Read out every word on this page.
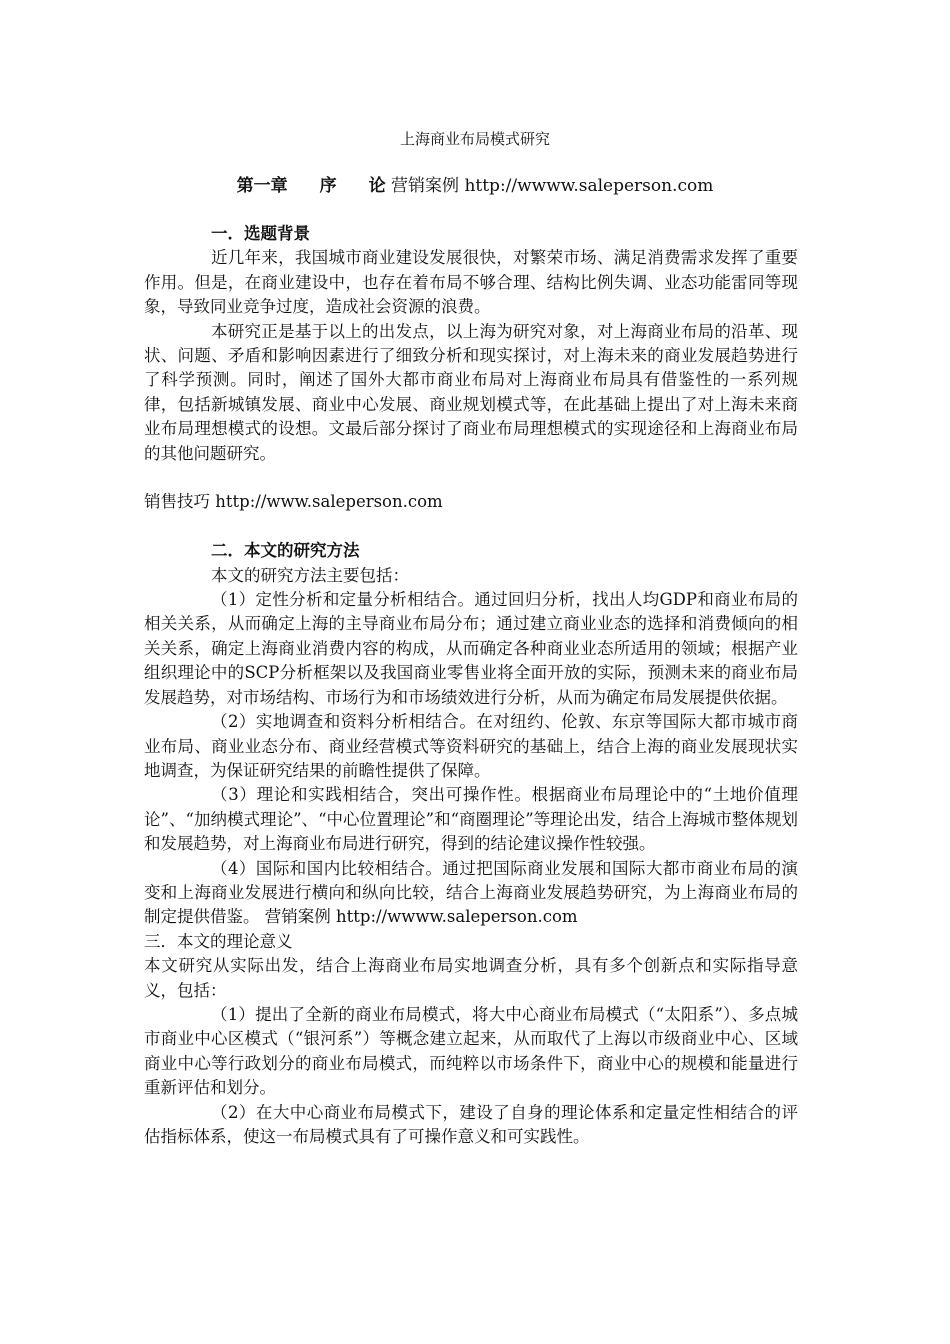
上海商业布局模式研究
第一章 序 论 营销案例 http://wwww.saleperson.com

一．选题背景

近几年来，我国城市商业建设发展很快，对繁荣市场、满足消费需求发挥了重要作用。但是，在商业建设中，也存在着布局不够合理、结构比例失调、业态功能雷同等现象，导致同业竞争过度，造成社会资源的浪费。

本研究正是基于以上的出发点，以上海为研究对象，对上海商业布局的沿革、现状、问题、矛盾和影响因素进行了细致分析和现实探讨，对上海未来的商业发展趋势进行了科学预测。同时，阐述了国外大都市商业布局对上海商业布局具有借鉴性的一系列规律，包括新城镇发展、商业中心发展、商业规划模式等，在此基础上提出了对上海未来商业布局理想模式的设想。文最后部分探讨了商业布局理想模式的实现途径和上海商业布局的其他问题研究。

销售技巧 http://www.saleperson.com

二．本文的研究方法

本文的研究方法主要包括：

（1）定性分析和定量分析相结合。通过回归分析，找出人均GDP和商业布局的相关关系，从而确定上海的主导商业布局分布；通过建立商业业态的选择和消费倾向的相关关系，确定上海商业消费内容的构成，从而确定各种商业业态所适用的领域；根据产业组织理论中的SCP分析框架以及我国商业零售业将全面开放的实际，预测未来的商业布局发展趋势，对市场结构、市场行为和市场绩效进行分析，从而为确定布局发展提供依据。

（2）实地调查和资料分析相结合。在对纽约、伦敦、东京等国际大都市城市商业布局、商业业态分布、商业经营模式等资料研究的基础上，结合上海的商业发展现状实地调查，为保证研究结果的前瞻性提供了保障。

（3）理论和实践相结合，突出可操作性。根据商业布局理论中的“土地价值理论”、“加纳模式理论”、“中心位置理论”和“商圈理论”等理论出发，结合上海城市整体规划和发展趋势，对上海商业布局进行研究，得到的结论建议操作性较强。

（4）国际和国内比较相结合。通过把国际商业发展和国际大都市商业布局的演变和上海商业发展进行横向和纵向比较，结合上海商业发展趋势研究，为上海商业布局的制定提供借鉴。 营销案例 http://wwww.saleperson.com

三．本文的理论意义

本文研究从实际出发，结合上海商业布局实地调查分析，具有多个创新点和实际指导意义，包括：

（1）提出了全新的商业布局模式，将大中心商业布局模式（“太阳系”）、多点城市商业中心区模式（“银河系”）等概念建立起来，从而取代了上海以市级商业中心、区域商业中心等行政划分的商业布局模式，而纯粹以市场条件下，商业中心的规模和能量进行重新评估和划分。

（2）在大中心商业布局模式下，建设了自身的理论体系和定量定性相结合的评估指标体系，使这一布局模式具有了可操作意义和可实践性。
